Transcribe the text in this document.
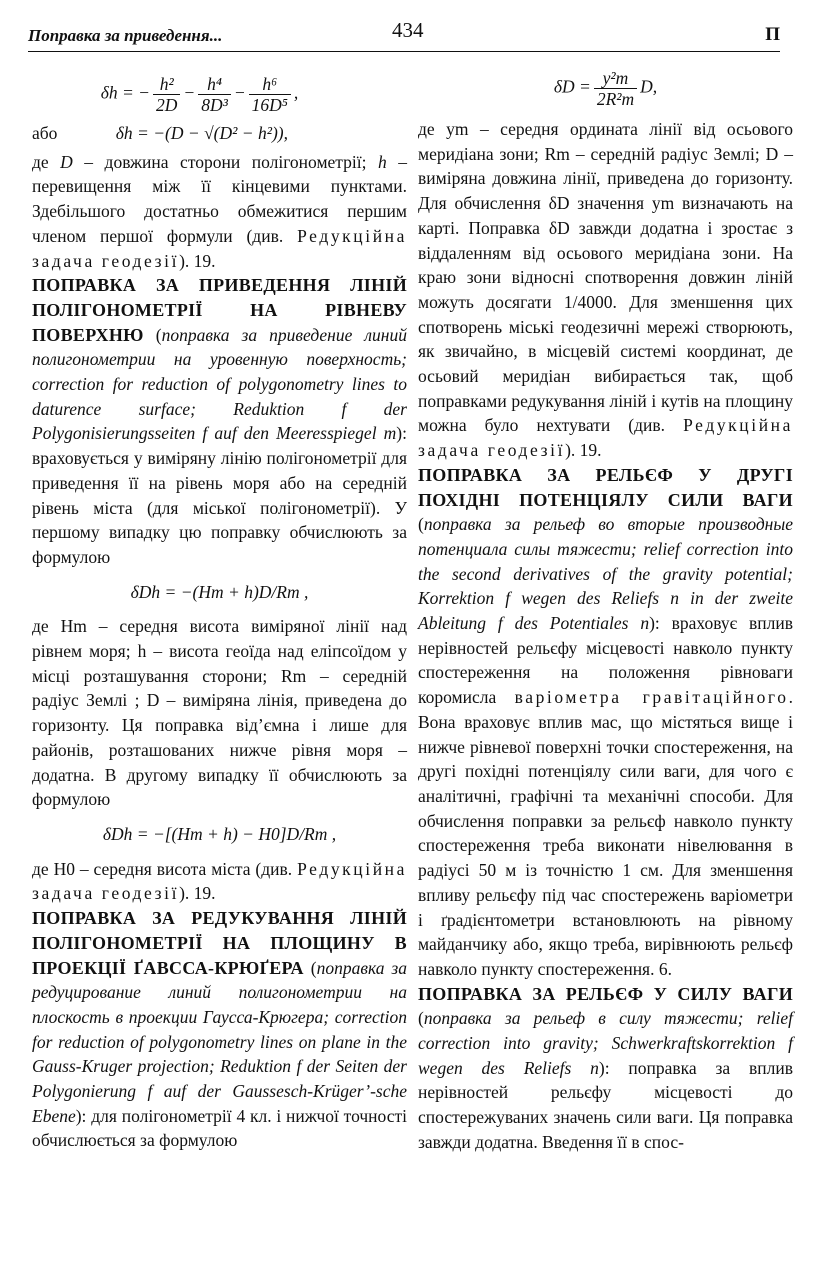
Поправка за приведення...	434	П
δh = − $\frac{\text{h²}}{2D} - \frac{\text{h⁴}}{\text{8D³}} - \frac{\text{h⁶}}{\text{16D⁵}}$ ,

або	δh = −(D − √(D² − h²)),

де D – довжина сторони полігонометрії; h – перевищення між її кінцевими пунктами. Здебільшого достатньо обмежитися першим членом першої формули (див. Редукційна задача геодезії). 19.

ПОПРАВКА ЗА ПРИВЕДЕННЯ ЛІНІЙ ПОЛІГОНОМЕТРІЇ НА РІВНЕВУ ПОВЕРХНЮ (поправка за приведение линий полигонометрии на уровенную поверхность; correction for reduction of polygonometry lines to daturence surface; Reduktion f der Polygonisierungsseiten f auf den Meeresspiegel m): враховується у виміряну лінію полігонометрії для приведення її на рівень моря або на середній рівень міста (для міської полігонометрії). У першому випадку цю поправку обчислюють за формулою

δDh = −(Hm + h)D/Rm ,

де Hm – середня висота виміряної лінії над рівнем моря; h – висота геоїда над еліпсоїдом у місці розташування сторони; Rm – середній радіус Землі ; D – виміряна лінія, приведена до горизонту. Ця поправка від’ємна і лише для районів, розташованих нижче рівня моря – додатна. В другому випадку її обчислюють за формулою

δDh = −[(Hm + h) − H0]D/Rm ,

де H0 – середня висота міста (див. Редукційна задача геодезії). 19.

ПОПРАВКА ЗА РЕДУКУВАННЯ ЛІНІЙ ПОЛІГОНОМЕТРІЇ НА ПЛОЩИНУ В ПРОЕКЦІЇ ҐАВССА-КРЮҐЕРА (поправка за редуцирование линий полигонометрии на плоскость в проекции Гаусса-Крюгера; correction for reduction of polygonometry lines on plane in the Gauss-Kruger projection; Reduktion f der Seiten der Polygonierung f auf der Gaussesch-Krüger’-sche Ebene): для полігонометрії 4 кл. і нижчої точності обчислюється за формулою

$\delta D = \frac{\text{y²m}}{\text{2R²m}} D$,

де ym – середня ордината лінії від осьового меридіана зони; Rm – середній радіус Землі; D – виміряна довжина лінії, приведена до горизонту. Для обчислення δD значення ym визначають на карті. Поправка δD завжди додатна і зростає з віддаленням від осьового меридіана зони. На краю зони відносні спотворення довжин ліній можуть досягати 1/4000. Для зменшення цих спотворень міські геодезичні мережі створюють, як звичайно, в місцевій системі координат, де осьовий меридіан вибирається так, щоб поправками редукування ліній і кутів на площину можна було нехтувати (див. Редукційна задача геодезії). 19.

ПОПРАВКА ЗА РЕЛЬЄФ У ДРУГІ ПОХІДНІ ПОТЕНЦІЯЛУ СИЛИ ВАГИ (поправка за рельеф во вторые производные потенциала силы тяжести; relief correction into the second derivatives of the gravity potential; Korrektion f wegen des Reliefs n in der zweite Ableitung f des Potentiales n): враховує вплив нерівностей рельєфу місцевості навколо пункту спостереження на положення рівноваги коромисла варіометра гравітаційного. Вона враховує вплив мас, що містяться вище і нижче рівневої поверхні точки спостереження, на другі похідні потенціялу сили ваги, для чого є аналітичні, графічні та механічні способи. Для обчислення поправки за рельєф навколо пункту спостереження треба виконати нівелювання в радіусі 50 м із точністю 1 см. Для зменшення впливу рельєфу під час спостережень варіометри і ґрадієнтометри встановлюють на рівному майданчику або, якщо треба, вирівнюють рельєф навколо пункту спостереження. 6.

ПОПРАВКА ЗА РЕЛЬЄФ У СИЛУ ВАГИ (поправка за рельеф в силу тяжести; relief correction into gravity; Schwerkraftskorrektion f wegen des Reliefs n): поправка за вплив нерівностей рельєфу місцевості до спостережуваних значень сили ваги. Ця поправка завжди додатна. Введення її в спос-
